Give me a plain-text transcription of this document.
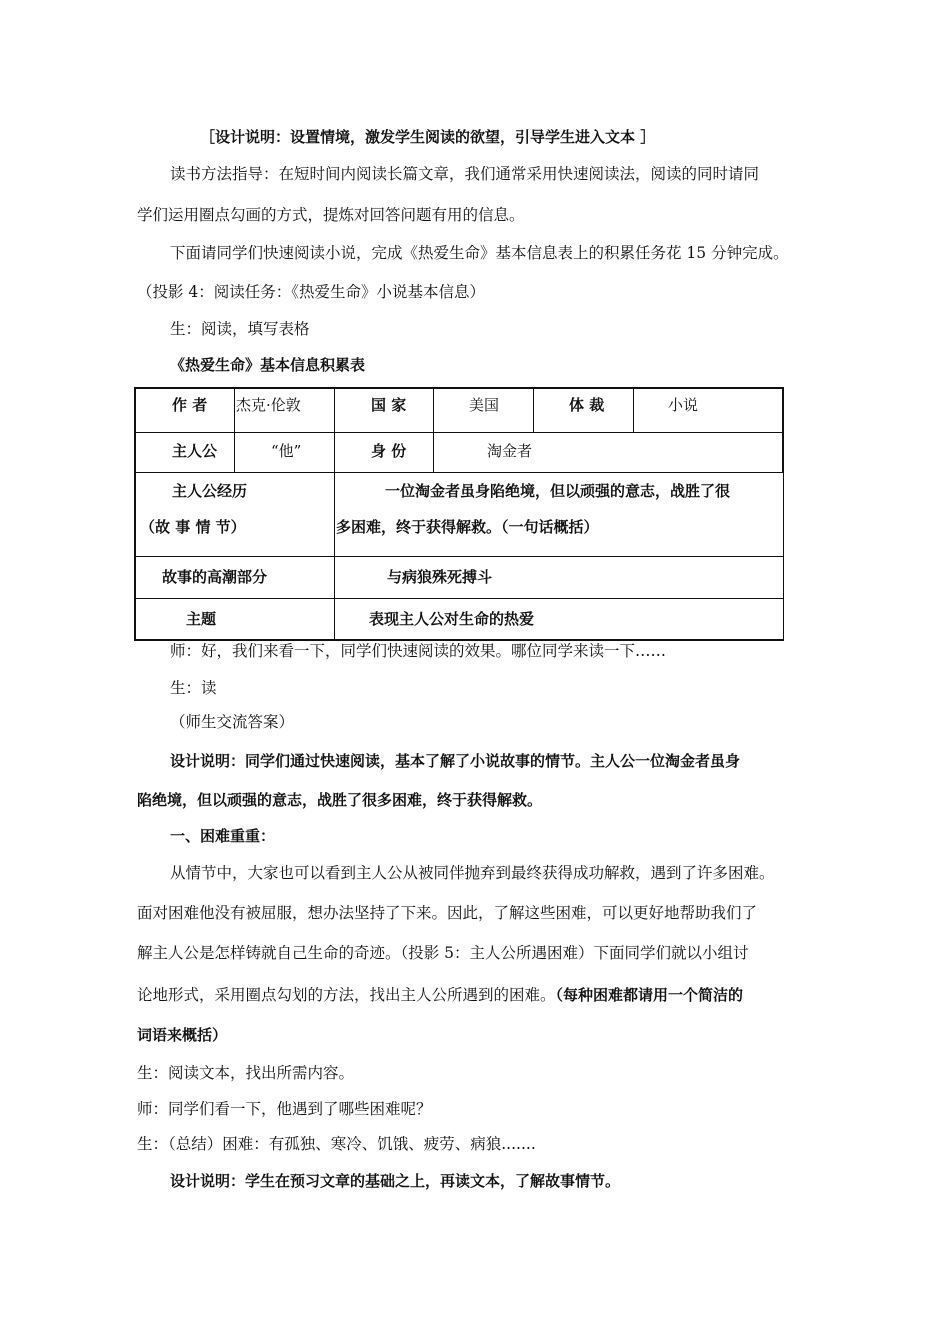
［设计说明：设置情境，激发学生阅读的欲望，引导学生进入文本 ］
读书方法指导：在短时间内阅读长篇文章，我们通常采用快速阅读法，阅读的同时请同
学们运用圈点勾画的方式，提炼对回答问题有用的信息。
下面请同学们快速阅读小说，完成《热爱生命》基本信息表上的积累任务花 15 分钟完成。
（投影 4：阅读任务：《热爱生命》小说基本信息）
生：阅读，填写表格
《热爱生命》基本信息积累表
作 者	杰克·伦敦	国 家	美国	体 裁	小说

主人公	“他”	身 份	淘金者		

主人公经历
（故 事 情 节）		一位淘金者虽身陷绝境，但以顽强的意志，战胜了很
多困难，终于获得解救。（一句话概括）			

故事的高潮部分		与病狼殊死搏斗			

主题		表现主人公对生命的热爱			
师：好，我们来看一下，同学们快速阅读的效果。哪位同学来读一下……
生：读
（师生交流答案）
设计说明：同学们通过快速阅读，基本了解了小说故事的情节。主人公一位淘金者虽身
陷绝境，但以顽强的意志，战胜了很多困难，终于获得解救。
一、困难重重：
从情节中，大家也可以看到主人公从被同伴抛弃到最终获得成功解救，遇到了许多困难。
面对困难他没有被屈服，想办法坚持了下来。因此，了解这些困难，可以更好地帮助我们了
解主人公是怎样铸就自己生命的奇迹。（投影 5：主人公所遇困难）下面同学们就以小组讨
论地形式，采用圈点勾划的方法，找出主人公所遇到的困难。（每种困难都请用一个简洁的
词语来概括）
生：阅读文本，找出所需内容。
师：同学们看一下，他遇到了哪些困难呢？
生：（总结）困难：有孤独、寒冷、饥饿、疲劳、病狼.......
设计说明：学生在预习文章的基础之上，再读文本，了解故事情节。
